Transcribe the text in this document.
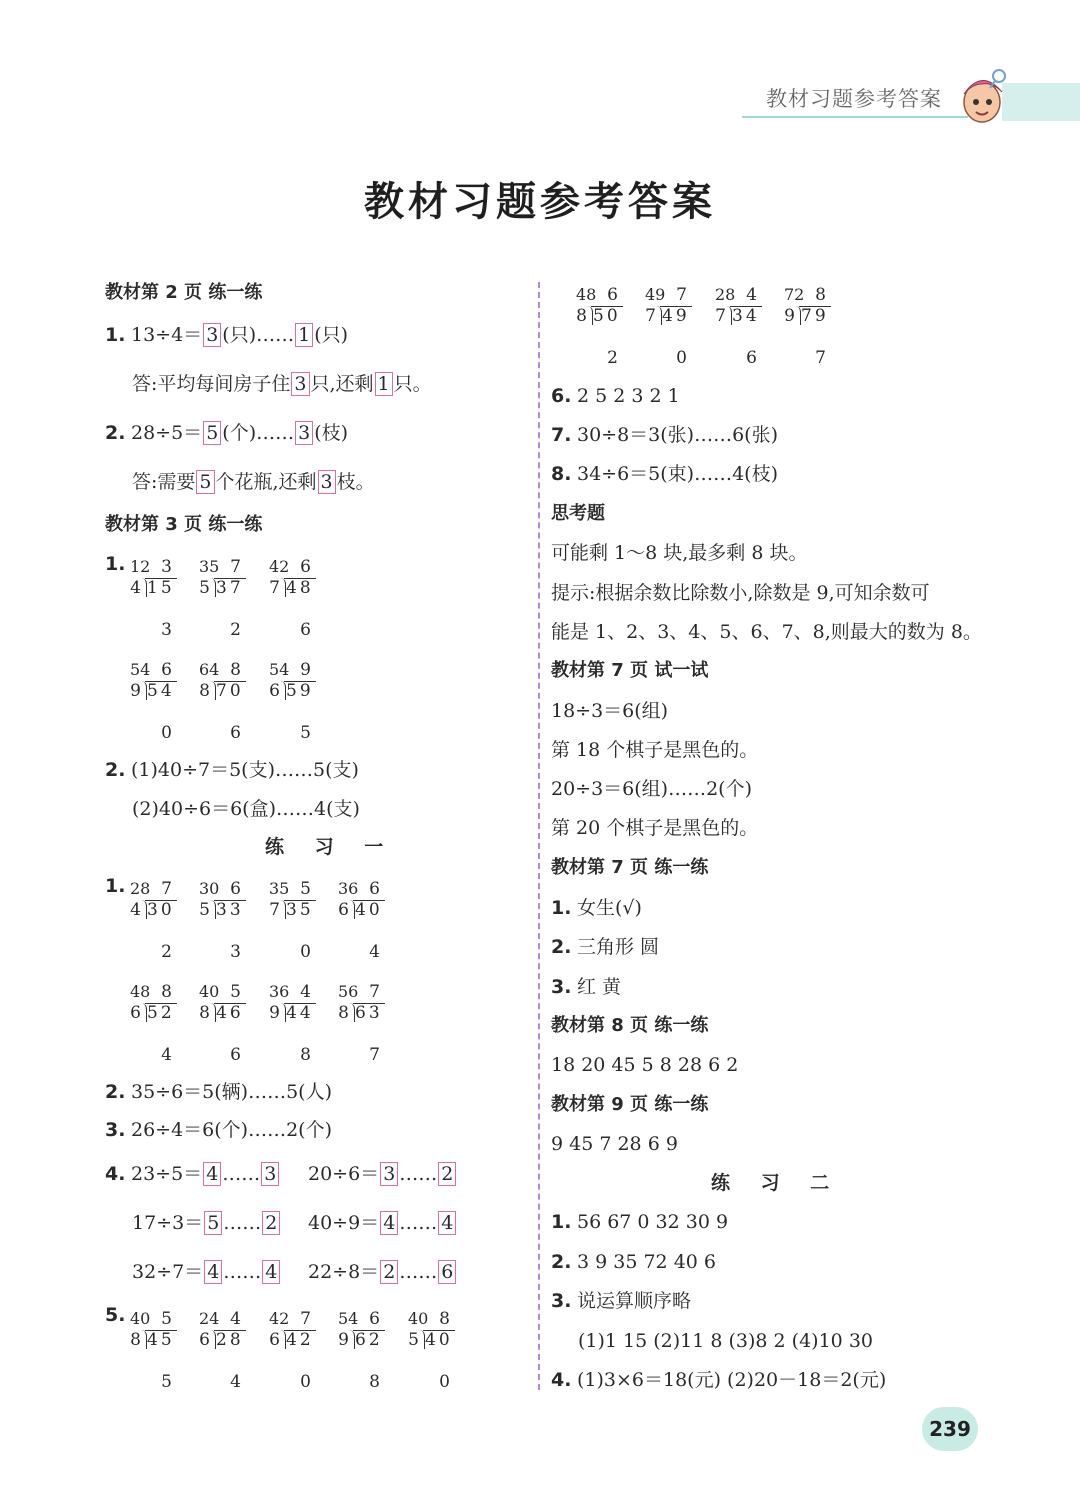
教材习题参考答案
教材习题参考答案
教材第 2 页 练一练
1. 13÷4＝ 3 (只)…… 1 (只)
答:平均每间房子住 3 只,还剩 1 只。
2. 28÷5＝ 5 (个)…… 3 (枝)
答:需要 5 个花瓶,还剩 3 枝。
教材第 3 页 练一练
1.
2. (1)40÷7＝5(支)……5(支)
(2)40÷6＝6(盒)……4(支)
练 习 一
1.
2. 35÷6＝5(辆)……5(人)
3. 26÷4＝6(个)……2(个)
4. 23÷5＝ 4 …… 3 20÷6＝ 3 …… 2
17÷3＝ 5 …… 2 40÷9＝ 4 …… 4
32÷7＝ 4 …… 4 22÷8＝ 2 …… 6
5.
6. 2 5 2 3 2 1
7. 30÷8＝3(张)……6(张)
8. 34÷6＝5(束)……4(枝)
思考题
可能剩 1～8 块,最多剩 8 块。
提示:根据余数比除数小,除数是 9,可知余数可
能是 1、2、3、4、5、6、7、8,则最大的数为 8。
教材第 7 页 试一试
18÷3＝6(组)
第 18 个棋子是黑色的。
20÷3＝6(组)……2(个)
第 20 个棋子是黑色的。
教材第 7 页 练一练
1. 女生(√)
2. 三角形 圆
3. 红 黄
教材第 8 页 练一练
18 20 45 5 8 28 6 2
教材第 9 页 练一练
9 45 7 28 6 9
练 习 二
1. 56 67 0 32 30 9
2. 3 9 35 72 40 6
3. 说运算顺序略
(1)1 15 (2)11 8 (3)8 2 (4)10 30
4. (1)3×6＝18(元) (2)20－18＝2(元)
3
4 15
12
3
7
5 37
35
2
6
7 48
42
6
6
9 54
54
0
8
8 70
64
6
9
6 59
54
5
7
4 30
28
2
6
5 33
30
3
5
7 35
35
0
6
6 40
36
4
8
6 52
48
4
5
8 46
40
6
4
9 44
36
8
7
8 63
56
7
5
8 45
40
5
4
6 28
24
4
7
6 42
42
0
6
9 62
54
8
8
5 40
40
0
6
8 50
48
2
7
7 49
49
0
4
7 34
28
6
8
9 79
72
7
239
